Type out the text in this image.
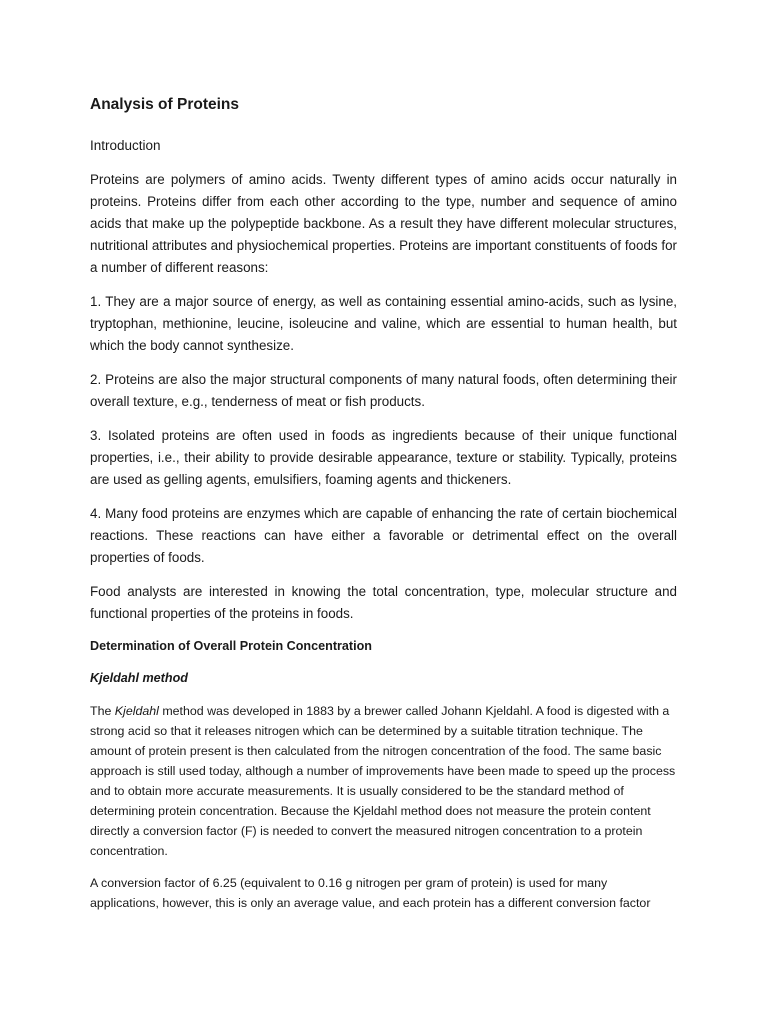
Analysis of Proteins
Introduction

Proteins are polymers of amino acids. Twenty different types of amino acids occur naturally in proteins. Proteins differ from each other according to the type, number and sequence of amino acids that make up the polypeptide backbone. As a result they have different molecular structures, nutritional attributes and physiochemical properties. Proteins are important constituents of foods for a number of different reasons:

1. They are a major source of energy, as well as containing essential amino-acids, such as lysine, tryptophan, methionine, leucine, isoleucine and valine, which are essential to human health, but which the body cannot synthesize.

2. Proteins are also the major structural components of many natural foods, often determining their overall texture, e.g., tenderness of meat or fish products.

3. Isolated proteins are often used in foods as ingredients because of their unique functional properties, i.e., their ability to provide desirable appearance, texture or stability. Typically, proteins are used as gelling agents, emulsifiers, foaming agents and thickeners.

4. Many food proteins are enzymes which are capable of enhancing the rate of certain biochemical reactions. These reactions can have either a favorable or detrimental effect on the overall properties of foods.

Food analysts are interested in knowing the total concentration, type, molecular structure and functional properties of the proteins in foods.

Determination of Overall Protein Concentration
Kjeldahl method

The Kjeldahl method was developed in 1883 by a brewer called Johann Kjeldahl. A food is digested with a strong acid so that it releases nitrogen which can be determined by a suitable titration technique. The amount of protein present is then calculated from the nitrogen concentration of the food. The same basic approach is still used today, although a number of improvements have been made to speed up the process and to obtain more accurate measurements. It is usually considered to be the standard method of determining protein concentration. Because the Kjeldahl method does not measure the protein content directly a conversion factor (F) is needed to convert the measured nitrogen concentration to a protein concentration.

A conversion factor of 6.25 (equivalent to 0.16 g nitrogen per gram of protein) is used for many applications, however, this is only an average value, and each protein has a different conversion factor
